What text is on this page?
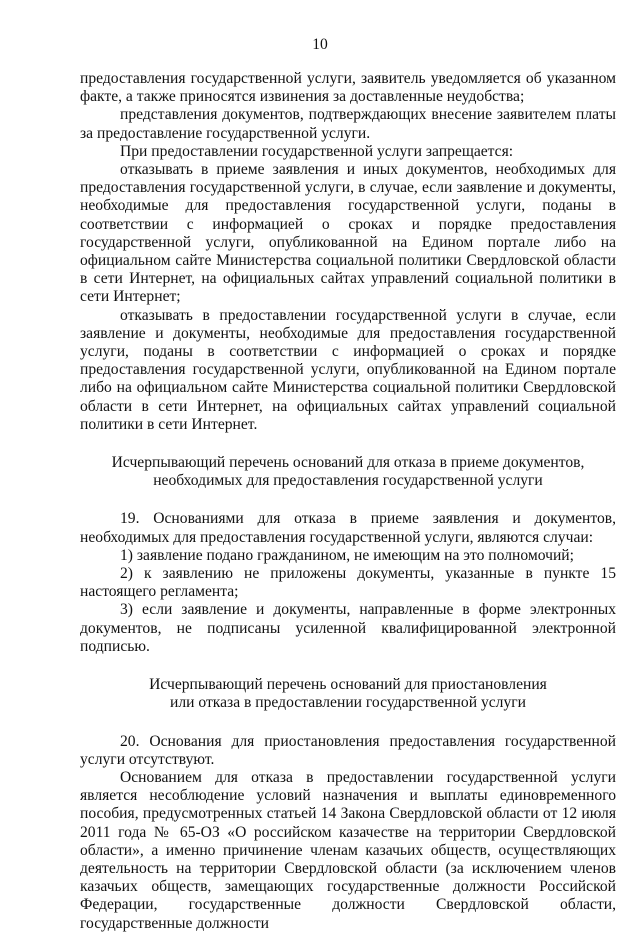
10

предоставления государственной услуги, заявитель уведомляется об указанном факте, а также приносятся извинения за доставленные неудобства;

представления документов, подтверждающих внесение заявителем платы за предоставление государственной услуги.

При предоставлении государственной услуги запрещается:

отказывать в приеме заявления и иных документов, необходимых для предоставления государственной услуги, в случае, если заявление и документы, необходимые для предоставления государственной услуги, поданы в соответствии с информацией о сроках и порядке предоставления государственной услуги, опубликованной на Едином портале либо на официальном сайте Министерства социальной политики Свердловской области в сети Интернет, на официальных сайтах управлений социальной политики в сети Интернет;

отказывать в предоставлении государственной услуги в случае, если заявление и документы, необходимые для предоставления государственной услуги, поданы в соответствии с информацией о сроках и порядке предоставления государственной услуги, опубликованной на Едином портале либо на официальном сайте Министерства социальной политики Свердловской области в сети Интернет, на официальных сайтах управлений социальной политики в сети Интернет.

Исчерпывающий перечень оснований для отказа в приеме документов,
необходимых для предоставления государственной услуги

19. Основаниями для отказа в приеме заявления и документов, необходимых для предоставления государственной услуги, являются случаи:

1) заявление подано гражданином, не имеющим на это полномочий;

2) к заявлению не приложены документы, указанные в пункте 15 настоящего регламента;

3) если заявление и документы, направленные в форме электронных документов, не подписаны усиленной квалифицированной электронной подписью.

Исчерпывающий перечень оснований для приостановления
или отказа в предоставлении государственной услуги

20. Основания для приостановления предоставления государственной услуги отсутствуют.

Основанием для отказа в предоставлении государственной услуги является несоблюдение условий назначения и выплаты единовременного пособия, предусмотренных статьей 14 Закона Свердловской области от 12 июля 2011 года № 65-ОЗ «О российском казачестве на территории Свердловской области», а именно причинение членам казачьих обществ, осуществляющих деятельность на территории Свердловской области (за исключением членов казачьих обществ, замещающих государственные должности Российской Федерации, государственные должности Свердловской области, государственные должности
